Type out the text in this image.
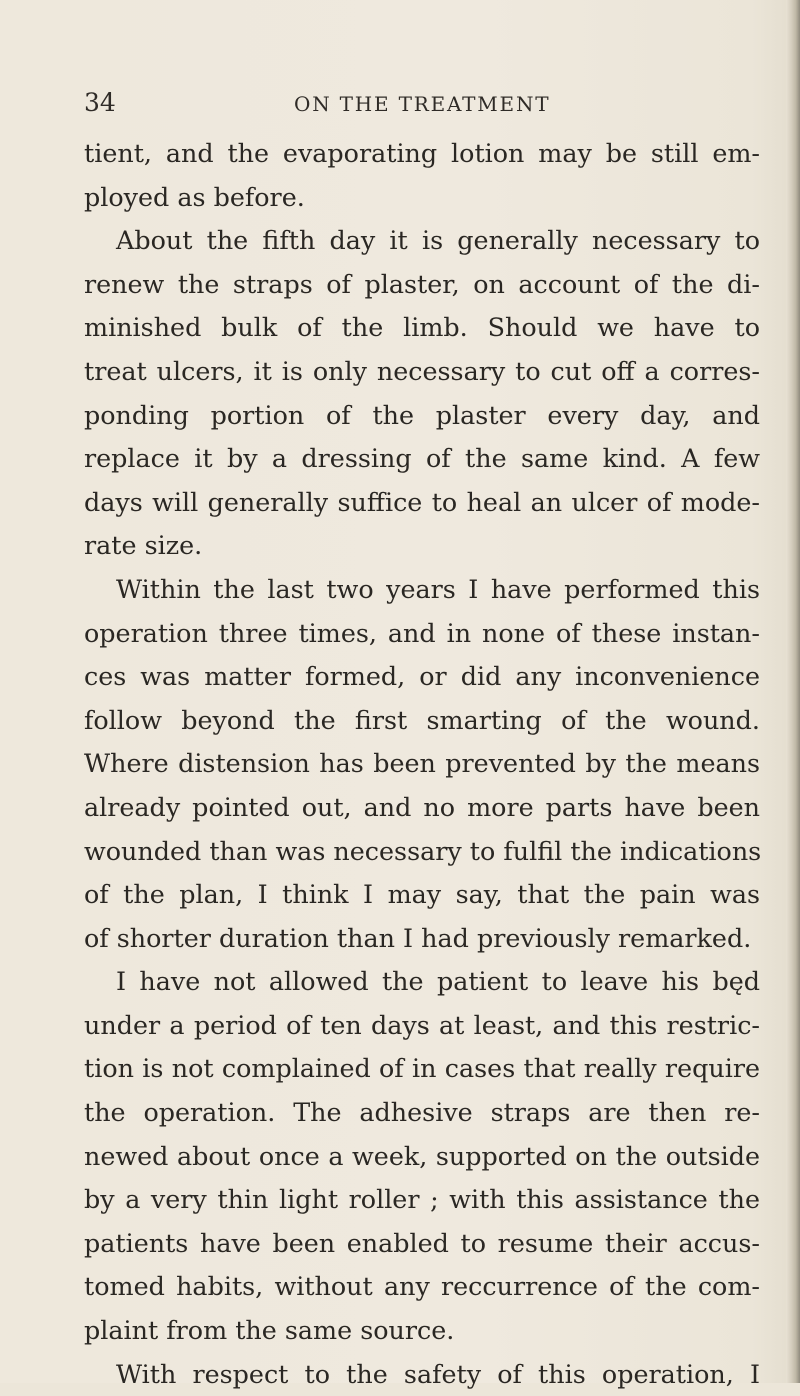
34	ON THE TREATMENT
tient, and the evaporating lotion may be still em-
ployed as before.
About the fifth day it is generally necessary to
renew the straps of plaster, on account of the di-
minished bulk of the limb. Should we have to
treat ulcers, it is only necessary to cut off a corres-
ponding portion of the plaster every day, and
replace it by a dressing of the same kind. A few
days will generally suffice to heal an ulcer of mode-
rate size.
Within the last two years I have performed this
operation three times, and in none of these instan-
ces was matter formed, or did any inconvenience
follow beyond the first smarting of the wound.
Where distension has been prevented by the means
already pointed out, and no more parts have been
wounded than was necessary to fulfil the indications
of the plan, I think I may say, that the pain was
of shorter duration than I had previously remarked.
I have not allowed the patient to leave his będ
under a period of ten days at least, and this restric-
tion is not complained of in cases that really require
the operation. The adhesive straps are then re-
newed about once a week, supported on the outside
by a very thin light roller ; with this assistance the
patients have been enabled to resume their accus-
tomed habits, without any reccurrence of the com-
plaint from the same source.
With respect to the safety of this operation, I
